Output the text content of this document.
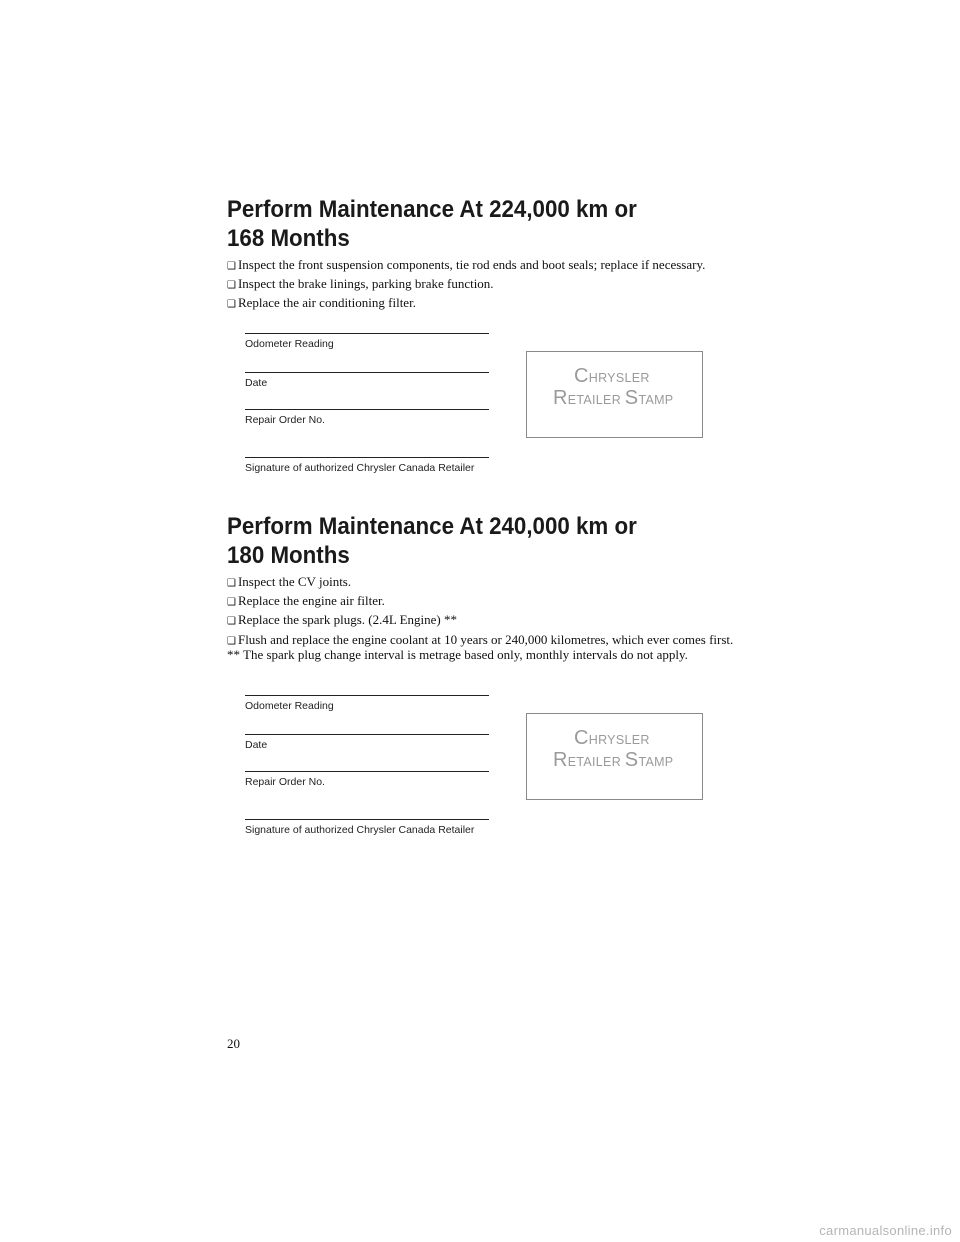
Perform Maintenance At 224,000 km or
168 Months
❑ Inspect the front suspension components, tie rod ends and boot seals; replace if necessary.
❑ Inspect the brake linings, parking brake function.
❑ Replace the air conditioning filter.
Odometer Reading
Date
Repair Order No.
Signature of authorized Chrysler Canada Retailer
CHRYSLER
RETAILER STAMP
Perform Maintenance At 240,000 km or
180 Months
❑ Inspect the CV joints.
❑ Replace the engine air filter.
❑ Replace the spark plugs. (2.4L Engine) **
❑ Flush and replace the engine coolant at 10 years or 240,000 kilometres, which ever comes first.
** The spark plug change interval is metrage based only, monthly intervals do not apply.
Odometer Reading
Date
Repair Order No.
Signature of authorized Chrysler Canada Retailer
CHRYSLER
RETAILER STAMP
20
carmanualsonline.info
